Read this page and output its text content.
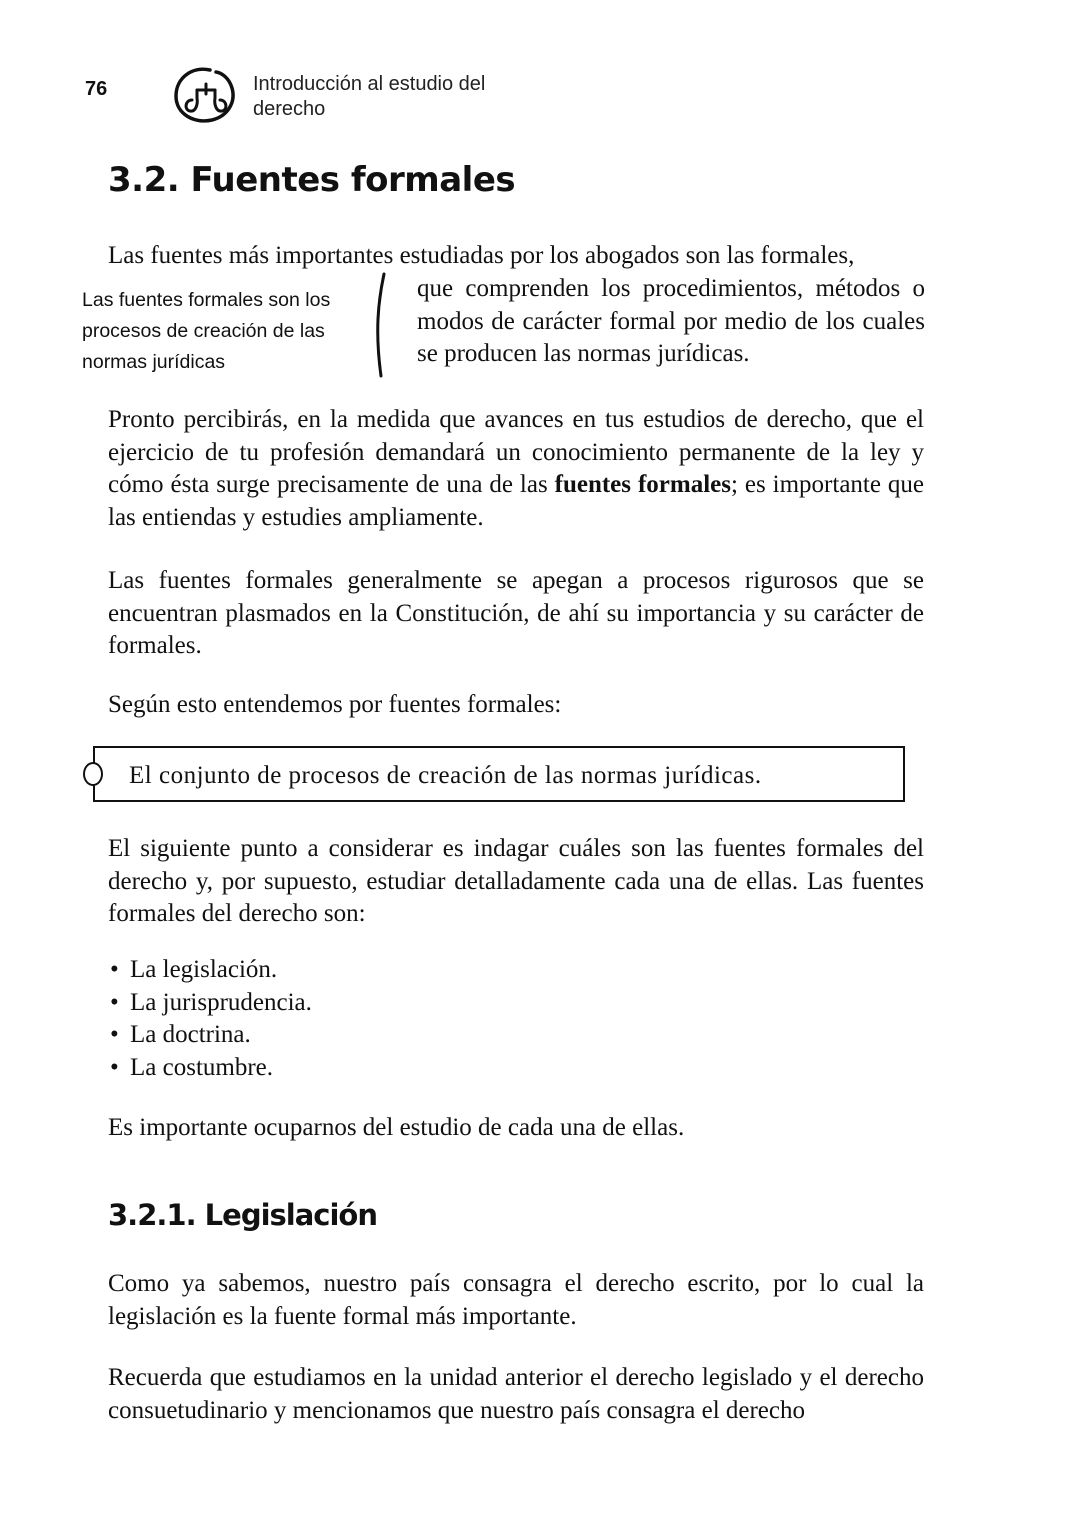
76	Introducción al estudio del derecho
3.2. Fuentes formales

Las fuentes más importantes estudiadas por los abogados son las formales,

Las fuentes formales son los procesos de creación de las normas jurídicas

que comprenden los procedimientos, métodos o modos de carácter formal por medio de los cuales se producen las normas jurídicas.

Pronto percibirás, en la medida que avances en tus estudios de derecho, que el ejercicio de tu profesión demandará un conocimiento permanente de la ley y cómo ésta surge precisamente de una de las fuentes formales; es importante que las entiendas y estudies ampliamente.

Las fuentes formales generalmente se apegan a procesos rigurosos que se encuentran plasmados en la Constitución, de ahí su importancia y su carácter de formales.

Según esto entendemos por fuentes formales:

El conjunto de procesos de creación de las normas jurídicas.

El siguiente punto a considerar es indagar cuáles son las fuentes formales del derecho y, por supuesto, estudiar detalladamente cada una de ellas. Las fuentes formales del derecho son:

• La legislación.
• La jurisprudencia.
• La doctrina.
• La costumbre.

Es importante ocuparnos del estudio de cada una de ellas.

3.2.1. Legislación

Como ya sabemos, nuestro país consagra el derecho escrito, por lo cual la legislación es la fuente formal más importante.

Recuerda que estudiamos en la unidad anterior el derecho legislado y el derecho consuetudinario y mencionamos que nuestro país consagra el derecho
